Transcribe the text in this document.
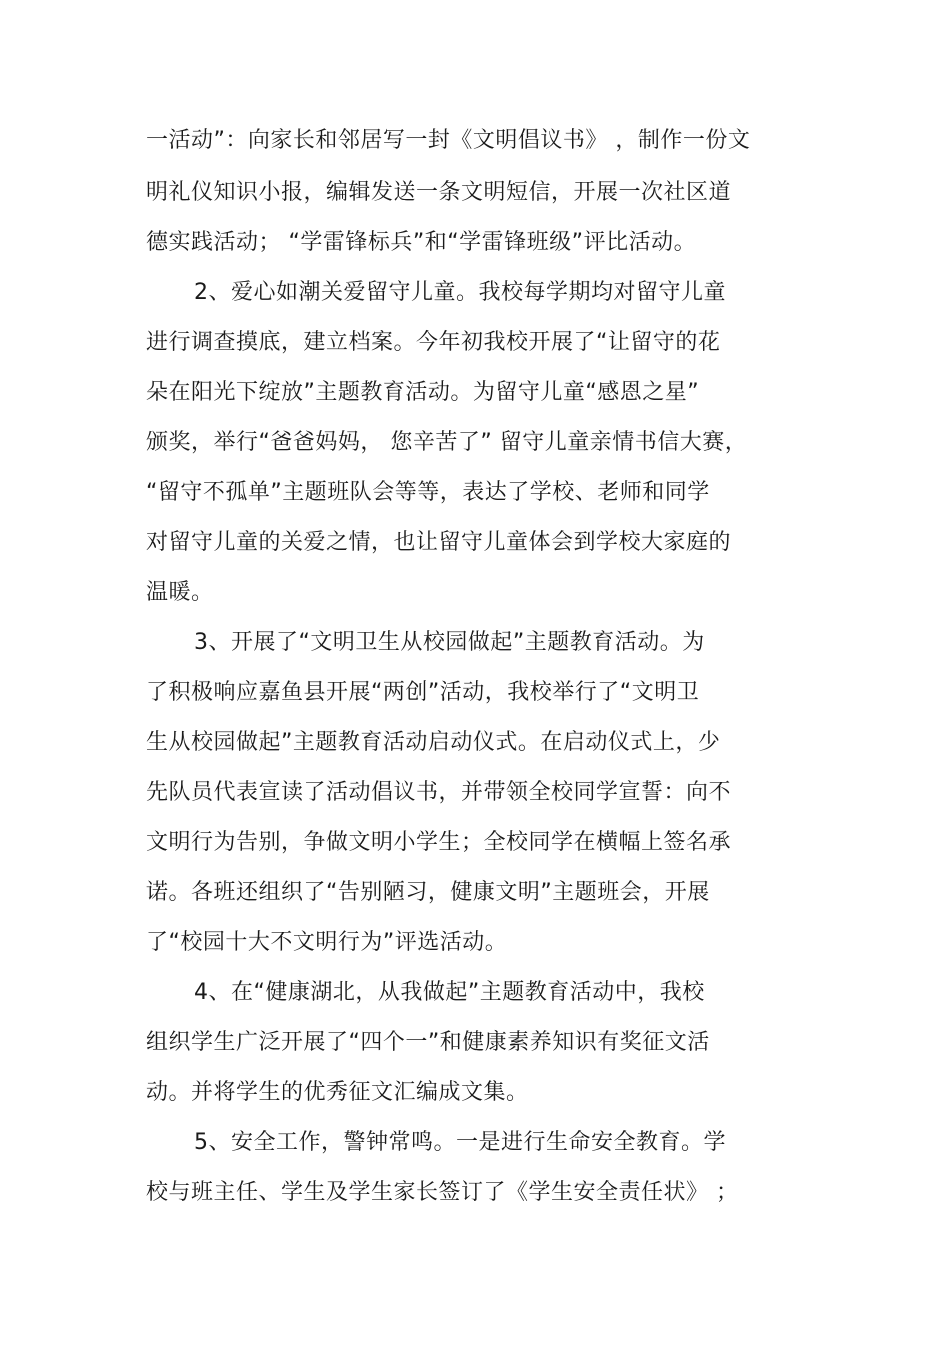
一活动”：向家长和邻居写一封《文明倡议书》 ，制作一份文
明礼仪知识小报，编辑发送一条文明短信，开展一次社区道
德实践活动； “学雷锋标兵”和“学雷锋班级”评比活动。
2、爱心如潮关爱留守儿童。我校每学期均对留守儿童
进行调查摸底，建立档案。今年初我校开展了“让留守的花
朵在阳光下绽放”主题教育活动。为留守儿童“感恩之星”
颁奖，举行“爸爸妈妈， 您辛苦了” 留守儿童亲情书信大赛，
“留守不孤单”主题班队会等等，表达了学校、老师和同学
对留守儿童的关爱之情，也让留守儿童体会到学校大家庭的
温暖。
3、开展了“文明卫生从校园做起”主题教育活动。为
了积极响应嘉鱼县开展“两创”活动，我校举行了“文明卫
生从校园做起”主题教育活动启动仪式。在启动仪式上，少
先队员代表宣读了活动倡议书，并带领全校同学宣誓：向不
文明行为告别，争做文明小学生；全校同学在横幅上签名承
诺。各班还组织了“告别陋习，健康文明”主题班会，开展
了“校园十大不文明行为”评选活动。
4、在“健康湖北，从我做起”主题教育活动中，我校
组织学生广泛开展了“四个一”和健康素养知识有奖征文活
动。并将学生的优秀征文汇编成文集。
5、安全工作，警钟常鸣。一是进行生命安全教育。学
校与班主任、学生及学生家长签订了《学生安全责任状》 ；
